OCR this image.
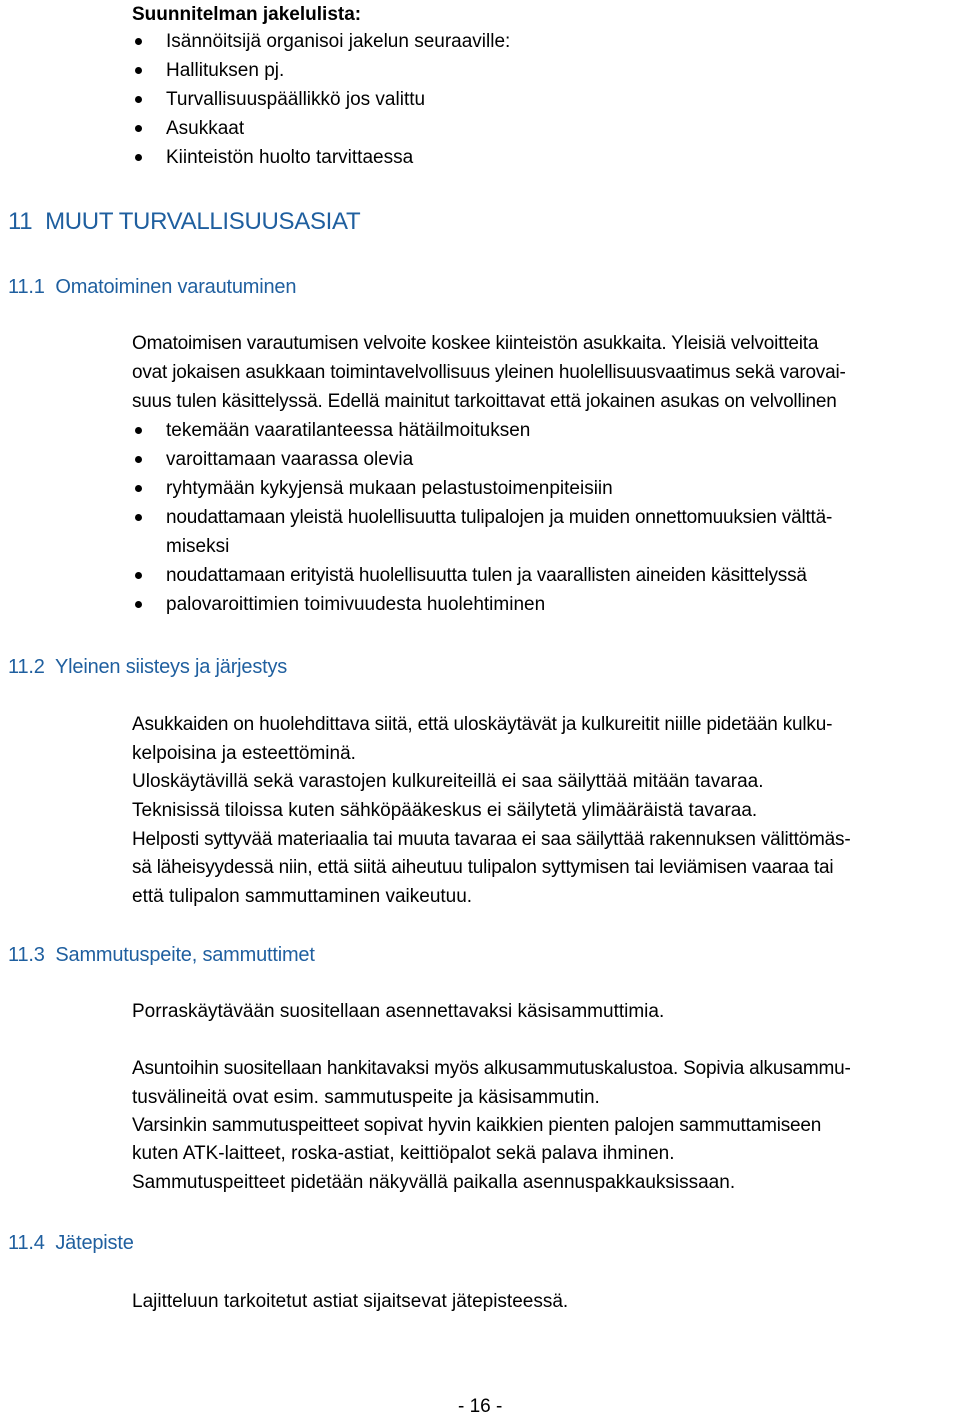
Suunnitelman jakelulista:
Isännöitsijä organisoi jakelun seuraaville:
Hallituksen pj.
Turvallisuuspäällikkö jos valittu
Asukkaat
Kiinteistön huolto tarvittaessa
11 MUUT TURVALLISUUSASIAT
11.1 Omatoiminen varautuminen
Omatoimisen varautumisen velvoite koskee kiinteistön asukkaita. Yleisiä velvoitteita
ovat jokaisen asukkaan toimintavelvollisuus yleinen huolellisuusvaatimus sekä varovai-
suus tulen käsittelyssä. Edellä mainitut tarkoittavat että jokainen asukas on velvollinen
tekemään vaaratilanteessa hätäilmoituksen
varoittamaan vaarassa olevia
ryhtymään kykyjensä mukaan pelastustoimenpiteisiin
noudattamaan yleistä huolellisuutta tulipalojen ja muiden onnettomuuksien välttä-
miseksi
noudattamaan erityistä huolellisuutta tulen ja vaarallisten aineiden käsittelyssä
palovaroittimien toimivuudesta huolehtiminen
11.2 Yleinen siisteys ja järjestys
Asukkaiden on huolehdittava siitä, että uloskäytävät ja kulkureitit niille pidetään kulku-
kelpoisina ja esteettöminä.
Uloskäytävillä sekä varastojen kulkureiteillä ei saa säilyttää mitään tavaraa.
Teknisissä tiloissa kuten sähköpääkeskus ei säilytetä ylimääräistä tavaraa.
Helposti syttyvää materiaalia tai muuta tavaraa ei saa säilyttää rakennuksen välittömäs-
sä läheisyydessä niin, että siitä aiheutuu tulipalon syttymisen tai leviämisen vaaraa tai
että tulipalon sammuttaminen vaikeutuu.
11.3 Sammutuspeite, sammuttimet
Porraskäytävään suositellaan asennettavaksi käsisammuttimia.
Asuntoihin suositellaan hankitavaksi myös alkusammutuskalustoa. Sopivia alkusammu-
tusvälineitä ovat esim. sammutuspeite ja käsisammutin.
Varsinkin sammutuspeitteet sopivat hyvin kaikkien pienten palojen sammuttamiseen
kuten ATK-laitteet, roska-astiat, keittiöpalot sekä palava ihminen.
Sammutuspeitteet pidetään näkyvällä paikalla asennuspakkauksissaan.
11.4 Jätepiste
Lajitteluun tarkoitetut astiat sijaitsevat jätepisteessä.
- 16 -
